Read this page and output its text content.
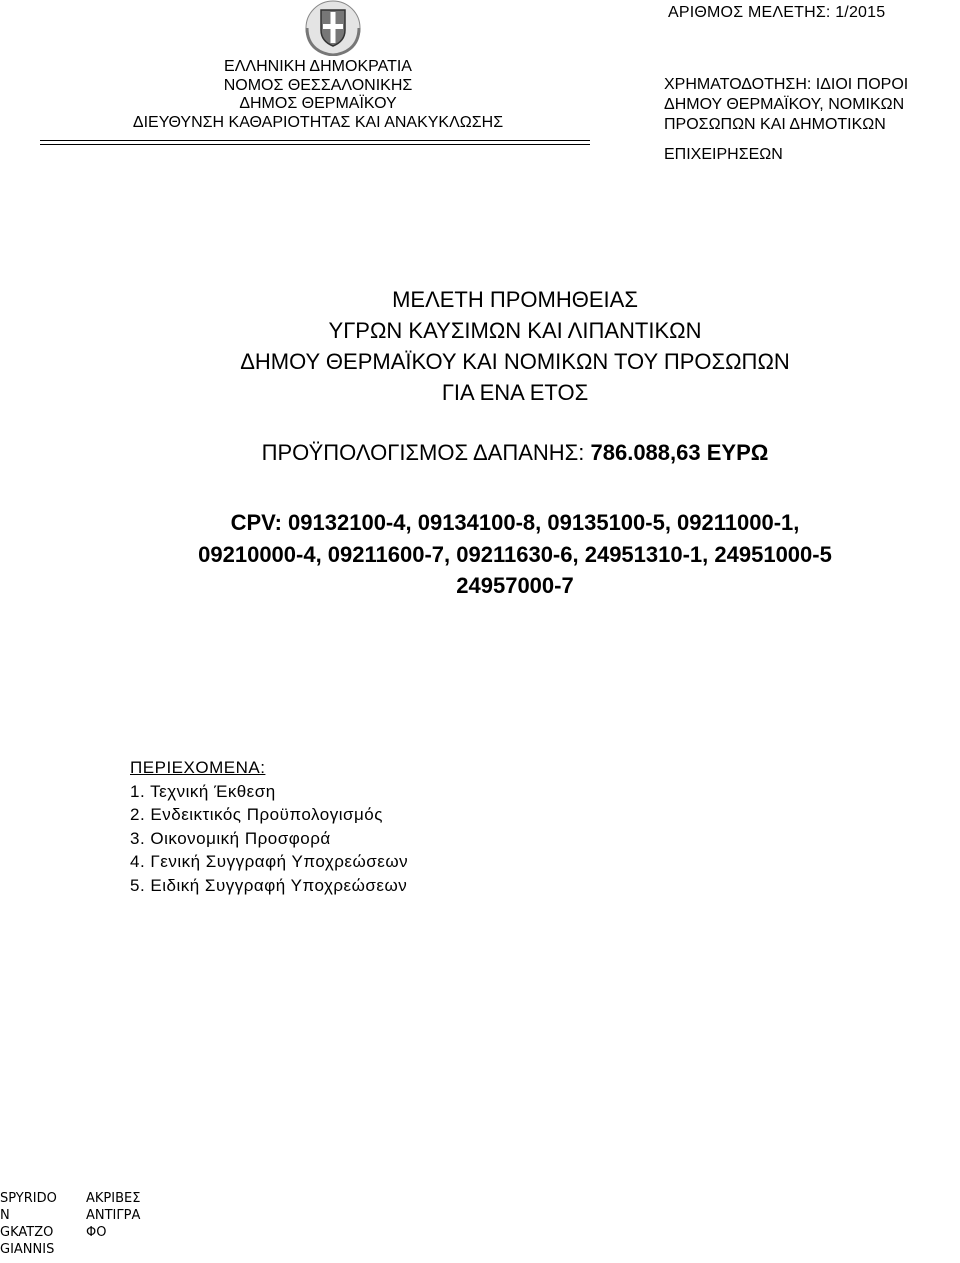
ΑΡΙΘΜΟΣ ΜΕΛΕΤΗΣ: 1/2015
ΕΛΛΗΝΙΚΗ ΔΗΜΟΚΡΑΤΙΑ
ΝΟΜΟΣ ΘΕΣΣΑΛΟΝΙΚΗΣ
ΔΗΜΟΣ ΘΕΡΜΑΪΚΟΥ
ΔΙΕΥΘΥΝΣΗ ΚΑΘΑΡΙΟΤΗΤΑΣ ΚΑΙ ΑΝΑΚΥΚΛΩΣΗΣ
ΧΡΗΜΑΤΟΔΟΤΗΣΗ: ΙΔΙΟΙ ΠΟΡΟΙ
ΔΗΜΟΥ ΘΕΡΜΑΪΚΟΥ, ΝΟΜΙΚΩΝ
ΠΡΟΣΩΠΩΝ ΚΑΙ ΔΗΜΟΤΙΚΩΝ
ΕΠΙΧΕΙΡΗΣΕΩΝ
ΜΕΛΕΤΗ ΠΡΟΜΗΘΕΙΑΣ
ΥΓΡΩΝ ΚΑΥΣΙΜΩΝ ΚΑΙ ΛΙΠΑΝΤΙΚΩΝ
ΔΗΜΟΥ ΘΕΡΜΑΪΚΟΥ ΚΑΙ ΝΟΜΙΚΩΝ ΤΟΥ ΠΡΟΣΩΠΩΝ
ΓΙΑ ΕΝΑ ΕΤΟΣ
ΠΡΟΫΠΟΛΟΓΙΣΜΟΣ ΔΑΠΑΝΗΣ: 786.088,63 ΕΥΡΩ
CPV: 09132100-4, 09134100-8, 09135100-5, 09211000-1,
09210000-4, 09211600-7, 09211630-6, 24951310-1, 24951000-5
24957000-7
ΠΕΡΙΕΧΟΜΕΝΑ:
1. Τεχνική Έκθεση
2. Ενδεικτικός Προϋπολογισμός
3. Οικονομική Προσφορά
4. Γενική Συγγραφή Υποχρεώσεων
5. Ειδική Συγγραφή Υποχρεώσεων
SPYRIDO
N
GKATZO
GIANNIS
ΑΚΡΙΒΕΣ
ΑΝΤΙΓΡΑ
ΦΟ
